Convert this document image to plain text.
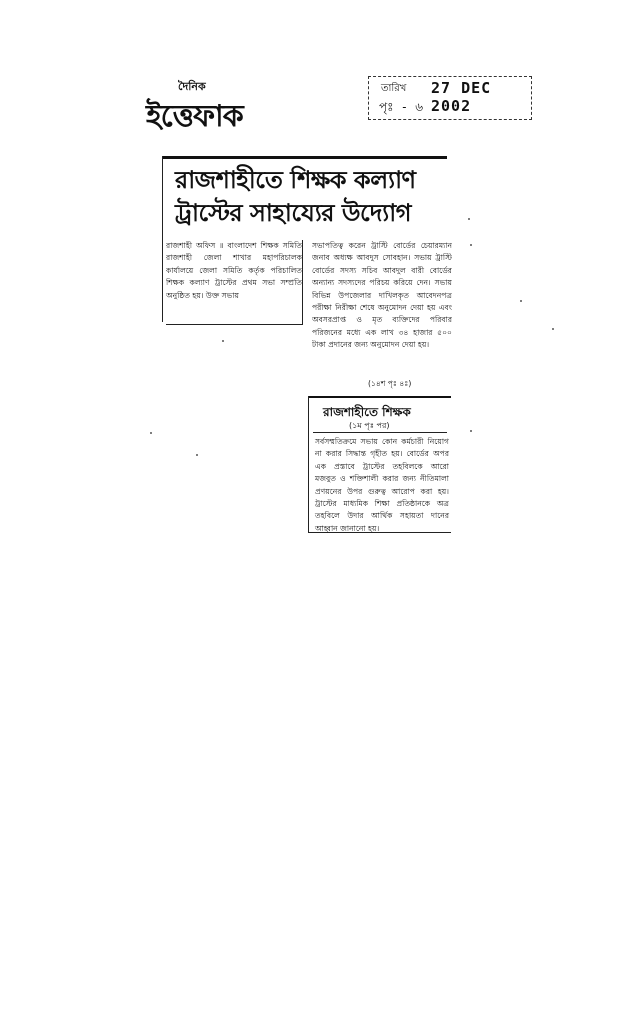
দৈনিক
ইত্তেফাক
তারিখ 27 DEC 2002
পৃঃ - ৬
রাজশাহীতে শিক্ষক কল্যাণ
ট্রাস্টের সাহায্যের উদ্যোগ
রাজশাহী অফিস ॥ বাংলাদেশ শিক্ষক সমিতি রাজশাহী জেলা শাখার মহাপরিচালক কার্যালয়ে জেলা সমিতি কর্তৃক পরিচালিত শিক্ষক কল্যাণ ট্রাস্টের প্রথম সভা সম্প্রতি অনুষ্ঠিত হয়। উক্ত সভায়
সভাপতিত্ব করেন ট্রাস্টি বোর্ডের চেয়ারম্যান জনাব অধ্যক্ষ আবদুস সোবহান। সভায় ট্রাস্টি বোর্ডের সদস্য সচিব আবদুল বারী বোর্ডের অন্যান্য সদস্যদের পরিচয় করিয়ে দেন। সভায় বিভিন্ন উপজেলার দাখিলকৃত আবেদনপত্র পরীক্ষা নিরীক্ষা শেষে অনুমোদন দেয়া হয় এবং অবসরপ্রাপ্ত ও মৃত ব্যক্তিদের পরিবার পরিজনের মধ্যে এক লাখ ৩৪ হাজার ৫০০ টাকা প্রদানের জন্য অনুমোদন দেয়া হয়।
(১৪শ পৃঃ ৪ঃ)
রাজশাহীতে শিক্ষক
(১ম পৃঃ পর)
সর্বসম্মতিক্রমে সভায় কোন কর্মচারী নিয়োগ না করার সিদ্ধান্ত গৃহীত হয়। বোর্ডের অপর এক প্রস্তাবে ট্রাস্টের তহবিলকে আরো মজবুত ও শক্তিশালী করার জন্য নীতিমালা প্রণয়নের উপর গুরুত্ব আরোপ করা হয়। ট্রাস্টের মাধ্যমিক শিক্ষা প্রতিষ্ঠানকে অত্র তহবিলে উদার আর্থিক সহায়তা দানের আহ্বান জানানো হয়।
